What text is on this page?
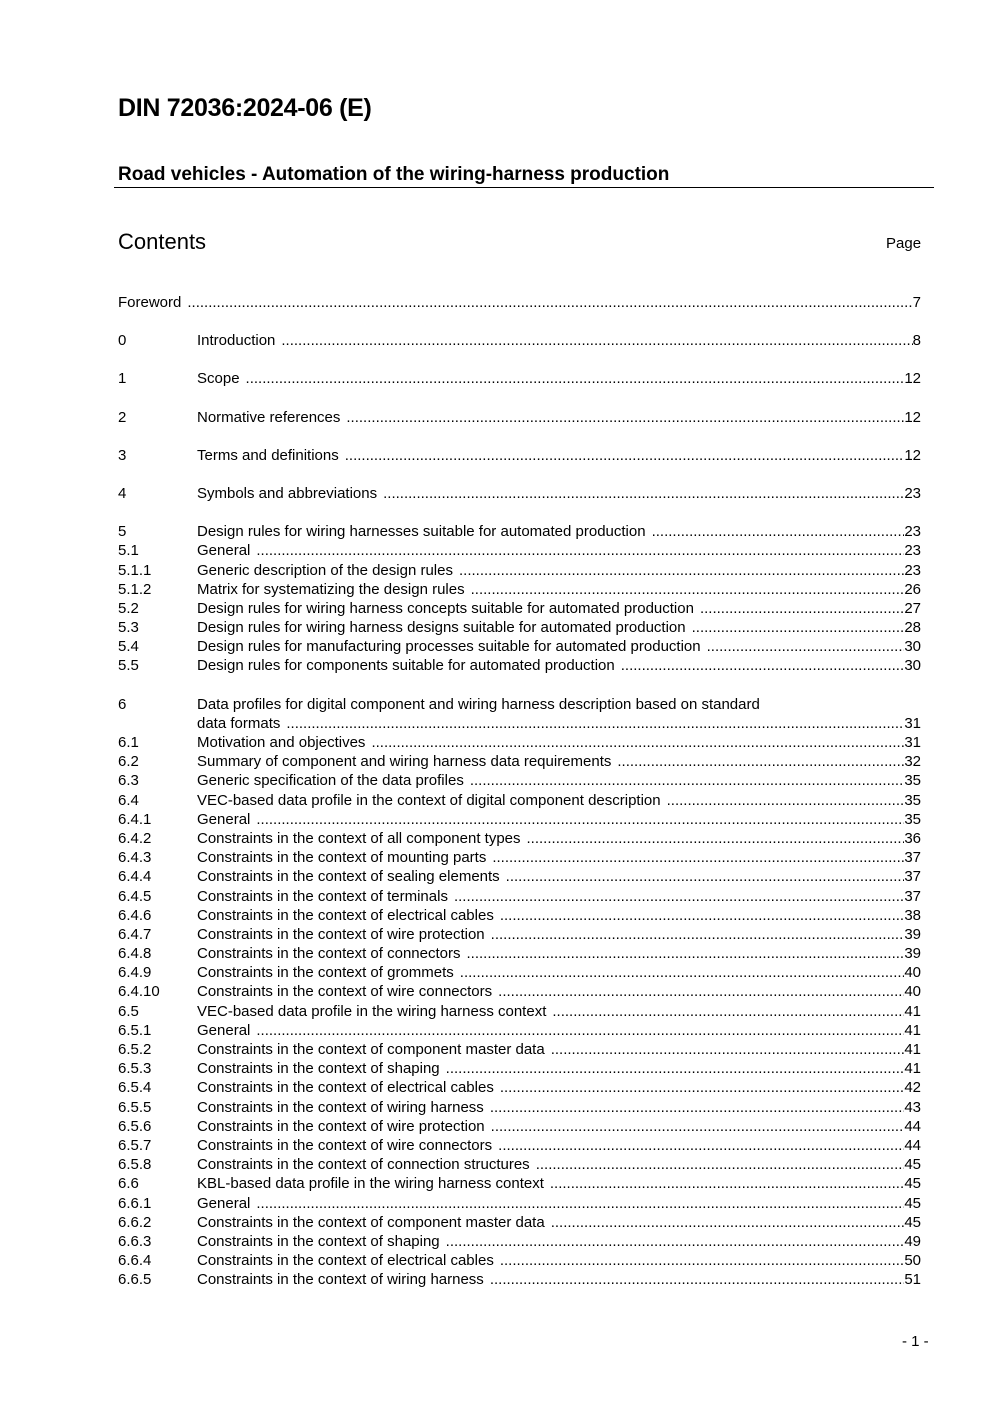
DIN 72036:2024-06 (E)
Road vehicles - Automation of the wiring-harness production
Contents	Page
Foreword .....	7
0	Introduction .....	8
1	Scope .....	12
2	Normative references .....	12
3	Terms and definitions .....	12
4	Symbols and abbreviations .....	23
5	Design rules for wiring harnesses suitable for automated production .....	23
5.1	General .....	23
5.1.1	Generic description of the design rules .....	23
5.1.2	Matrix for systematizing the design rules .....	26
5.2	Design rules for wiring harness concepts suitable for automated production .....	27
5.3	Design rules for wiring harness designs suitable for automated production .....	28
5.4	Design rules for manufacturing processes suitable for automated production .....	30
5.5	Design rules for components suitable for automated production .....	30
6	Data profiles for digital component and wiring harness description based on standard
data formats .....	31
6.1	Motivation and objectives .....	31
6.2	Summary of component and wiring harness data requirements .....	32
6.3	Generic specification of the data profiles .....	35
6.4	VEC-based data profile in the context of digital component description .....	35
6.4.1	General .....	35
6.4.2	Constraints in the context of all component types .....	36
6.4.3	Constraints in the context of mounting parts .....	37
6.4.4	Constraints in the context of sealing elements .....	37
6.4.5	Constraints in the context of terminals .....	37
6.4.6	Constraints in the context of electrical cables .....	38
6.4.7	Constraints in the context of wire protection .....	39
6.4.8	Constraints in the context of connectors .....	39
6.4.9	Constraints in the context of grommets .....	40
6.4.10	Constraints in the context of wire connectors .....	40
6.5	VEC-based data profile in the wiring harness context .....	41
6.5.1	General .....	41
6.5.2	Constraints in the context of component master data .....	41
6.5.3	Constraints in the context of shaping .....	41
6.5.4	Constraints in the context of electrical cables .....	42
6.5.5	Constraints in the context of wiring harness .....	43
6.5.6	Constraints in the context of wire protection .....	44
6.5.7	Constraints in the context of wire connectors .....	44
6.5.8	Constraints in the context of connection structures .....	45
6.6	KBL-based data profile in the wiring harness context .....	45
6.6.1	General .....	45
6.6.2	Constraints in the context of component master data .....	45
6.6.3	Constraints in the context of shaping .....	49
6.6.4	Constraints in the context of electrical cables .....	50
6.6.5	Constraints in the context of wiring harness .....	51
- 1 -
